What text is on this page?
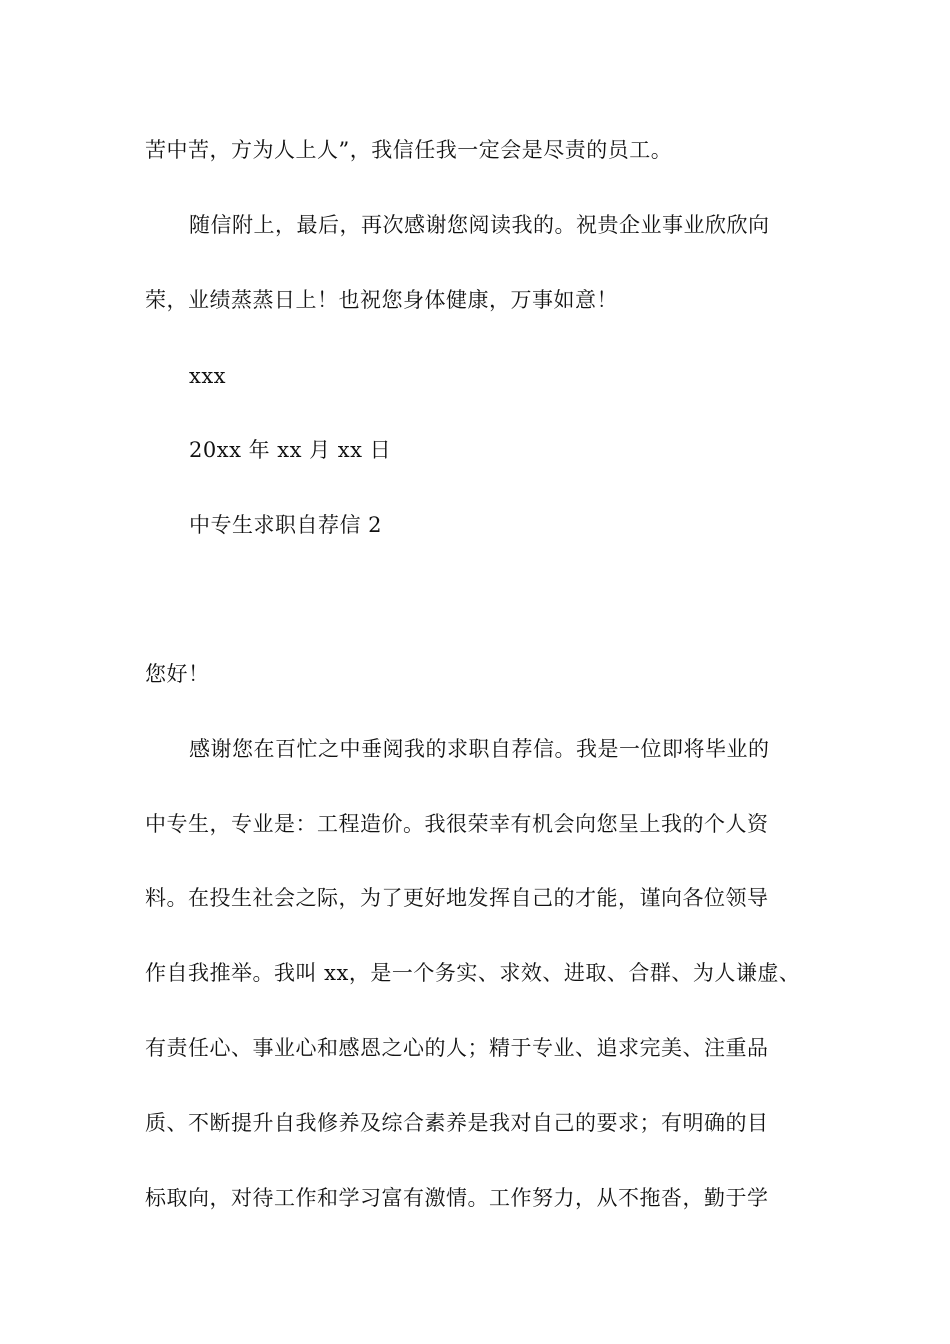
苦中苦，方为人上人”，我信任我一定会是尽责的员工。
随信附上，最后，再次感谢您阅读我的。祝贵企业事业欣欣向
荣，业绩蒸蒸日上！也祝您身体健康，万事如意！
xxx
20xx 年 xx 月 xx 日
中专生求职自荐信 2
您好！
感谢您在百忙之中垂阅我的求职自荐信。我是一位即将毕业的
中专生，专业是：工程造价。我很荣幸有机会向您呈上我的个人资
料。在投生社会之际，为了更好地发挥自己的才能，谨向各位领导
作自我推举。我叫 xx，是一个务实、求效、进取、合群、为人谦虚、
有责任心、事业心和感恩之心的人；精于专业、追求完美、注重品
质、不断提升自我修养及综合素养是我对自己的要求；有明确的目
标取向，对待工作和学习富有激情。工作努力，从不拖沓，勤于学
